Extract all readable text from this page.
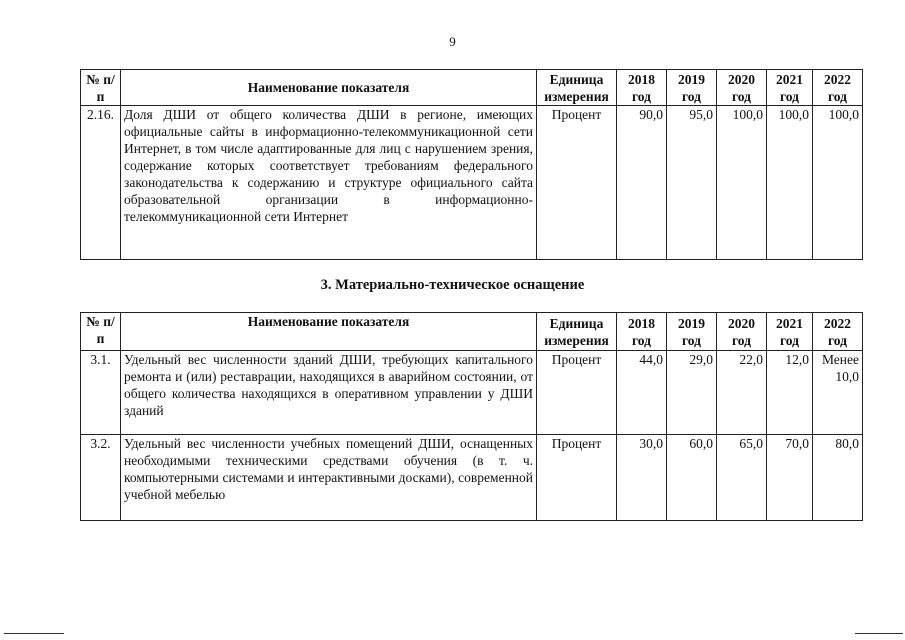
9
№ п/п	Наименование показателя	Единица измерения	2018 год	2019 год	2020 год	2021 год	2022 год
2.16.	Доля ДШИ от общего количества ДШИ в регионе, имеющих официальные сайты в информационно-телекоммуникационной сети Интернет, в том числе адаптированные для лиц с нарушением зрения, содержание которых соответствует требованиям федерального законодательства к содержанию и структуре официального сайта образовательной организации в информационно-телекоммуникационной сети Интернет	Процент	90,0	95,0	100,0	100,0	100,0
3. Материально-техническое оснащение
№ п/п	Наименование показателя	Единица измерения	2018 год	2019 год	2020 год	2021 год	2022 год
3.1.	Удельный вес численности зданий ДШИ, требующих капитального ремонта и (или) реставрации, находящихся в аварийном состоянии, от общего количества находящихся в оперативном управлении у ДШИ зданий	Процент	44,0	29,0	22,0	12,0	Менее 10,0
3.2.	Удельный вес численности учебных помещений ДШИ, оснащенных необходимыми техническими средствами обучения (в т. ч. компьютерными системами и интерактивными досками), современной учебной мебелью	Процент	30,0	60,0	65,0	70,0	80,0
